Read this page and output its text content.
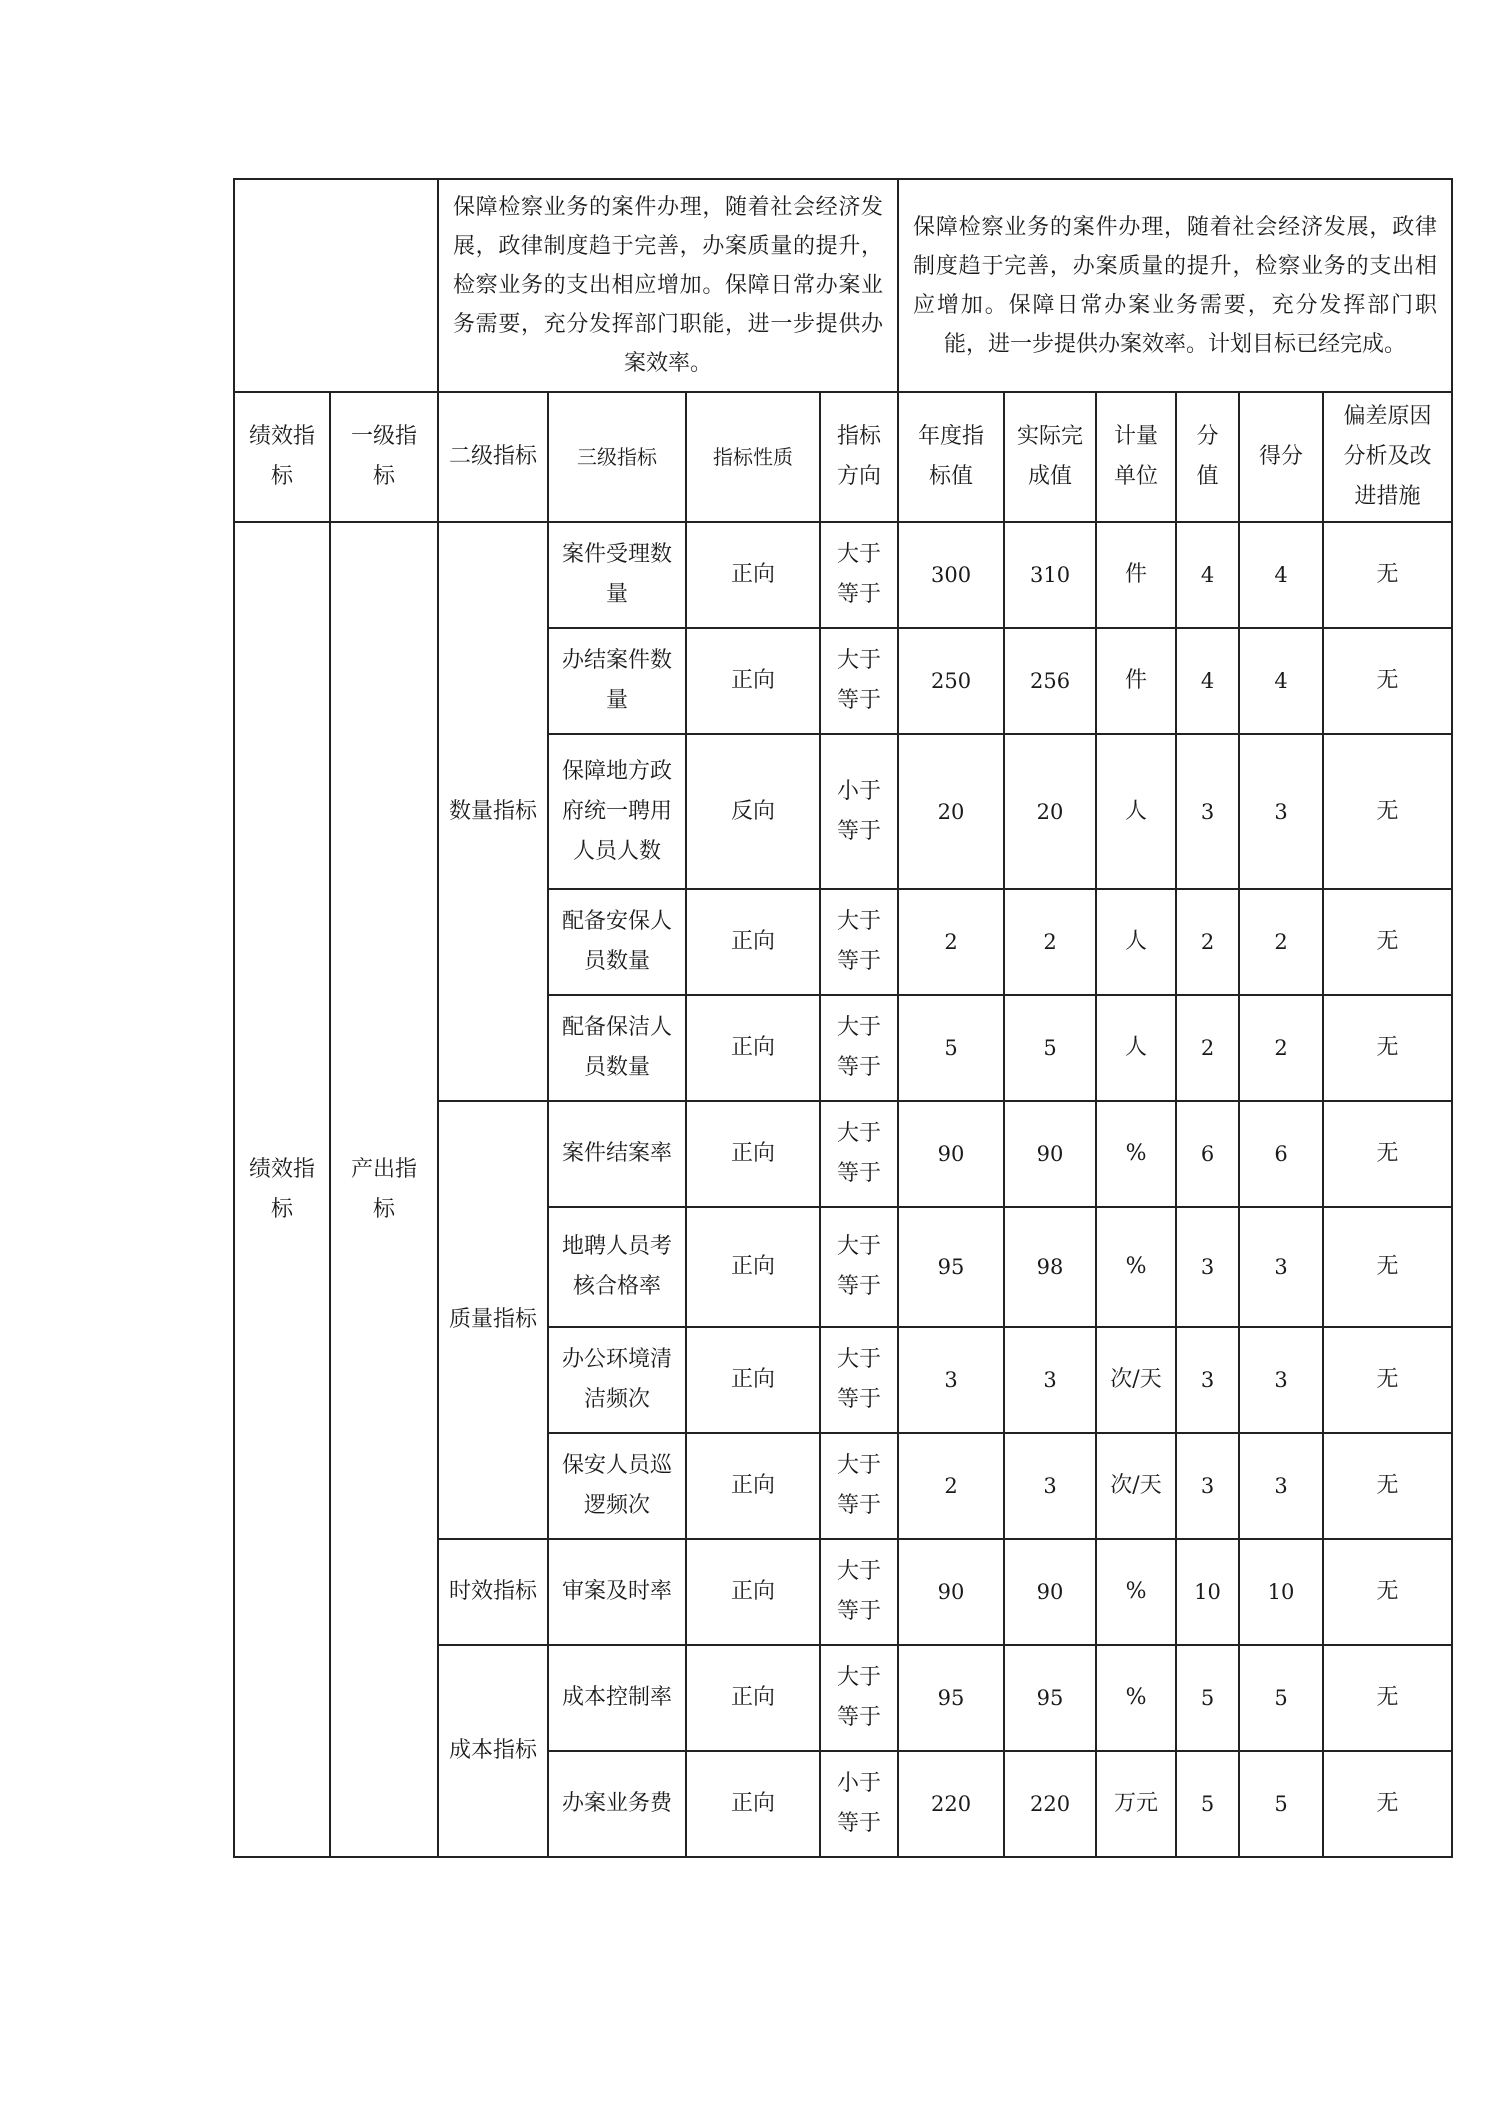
		保障检察业务的案件办理，随着社会经济发展，政律制度趋于完善，办案质量的提升，检察业务的支出相应增加。保障日常办案业务需要，充分发挥部门职能，进一步提供办案效率。				保障检察业务的案件办理，随着社会经济发展，政律制度趋于完善，办案质量的提升，检察业务的支出相应增加。保障日常办案业务需要，充分发挥部门职能，进一步提供办案效率。计划目标已经完成。					
绩效指标	一级指标	二级指标	三级指标	指标性质	指标方向	年度指标值	实际完成值	计量单位	分值	得分	偏差原因分析及改进措施
绩效指标	产出指标	数量指标	案件受理数量	正向	大于等于	300	310	件	4	4	无
			办结案件数量	正向	大于等于	250	256	件	4	4	无
			保障地方政府统一聘用人员人数	反向	小于等于	20	20	人	3	3	无
			配备安保人员数量	正向	大于等于	2	2	人	2	2	无
			配备保洁人员数量	正向	大于等于	5	5	人	2	2	无
		质量指标	案件结案率	正向	大于等于	90	90	%	6	6	无
			地聘人员考核合格率	正向	大于等于	95	98	%	3	3	无
			办公环境清洁频次	正向	大于等于	3	3	次/天	3	3	无
			保安人员巡逻频次	正向	大于等于	2	3	次/天	3	3	无
		时效指标	审案及时率	正向	大于等于	90	90	%	10	10	无
		成本指标	成本控制率	正向	大于等于	95	95	%	5	5	无
			办案业务费	正向	小于等于	220	220	万元	5	5	无
